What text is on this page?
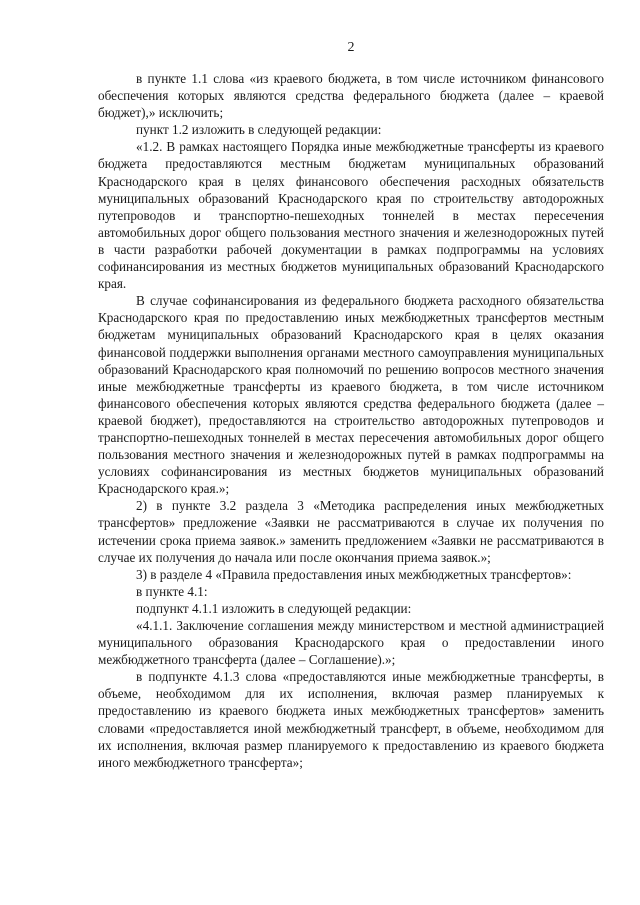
2

в пункте 1.1 слова «из краевого бюджета, в том числе источником финансового обеспечения которых являются средства федерального бюджета (далее – краевой бюджет),» исключить;

пункт 1.2 изложить в следующей редакции:

«1.2. В рамках настоящего Порядка иные межбюджетные трансферты из краевого бюджета предоставляются местным бюджетам муниципальных образований Краснодарского края в целях финансового обеспечения расходных обязательств муниципальных образований Краснодарского края по строительству автодорожных путепроводов и транспортно-пешеходных тоннелей в местах пересечения автомобильных дорог общего пользования местного значения и железнодорожных путей в части разработки рабочей документации в рамках подпрограммы на условиях софинансирования из местных бюджетов муниципальных образований Краснодарского края.

В случае софинансирования из федерального бюджета расходного обязательства Краснодарского края по предоставлению иных межбюджетных трансфертов местным бюджетам муниципальных образований Краснодарского края в целях оказания финансовой поддержки выполнения органами местного самоуправления муниципальных образований Краснодарского края полномочий по решению вопросов местного значения иные межбюджетные трансферты из краевого бюджета, в том числе источником финансового обеспечения которых являются средства федерального бюджета (далее – краевой бюджет), предоставляются на строительство автодорожных путепроводов и транспортно-пешеходных тоннелей в местах пересечения автомобильных дорог общего пользования местного значения и железнодорожных путей в рамках подпрограммы на условиях софинансирования из местных бюджетов муниципальных образований Краснодарского края.»;

2) в пункте 3.2 раздела 3 «Методика распределения иных межбюджетных трансфертов» предложение «Заявки не рассматриваются в случае их получения по истечении срока приема заявок.» заменить предложением «Заявки не рассматриваются в случае их получения до начала или после окончания приема заявок.»;

3) в разделе 4 «Правила предоставления иных межбюджетных трансфертов»:

в пункте 4.1:

подпункт 4.1.1 изложить в следующей редакции:

«4.1.1. Заключение соглашения между министерством и местной администрацией муниципального образования Краснодарского края о предоставлении иного межбюджетного трансферта (далее – Соглашение).»;

в подпункте 4.1.3 слова «предоставляются иные межбюджетные трансферты, в объеме, необходимом для их исполнения, включая размер планируемых к предоставлению из краевого бюджета иных межбюджетных трансфертов» заменить словами «предоставляется иной межбюджетный трансферт, в объеме, необходимом для их исполнения, включая размер планируемого к предоставлению из краевого бюджета иного межбюджетного трансферта»;
